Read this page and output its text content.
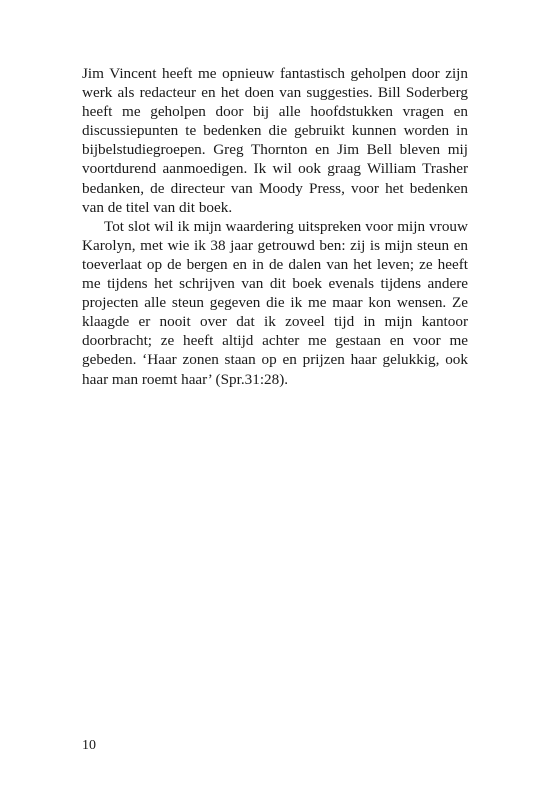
Jim Vincent heeft me opnieuw fantastisch geholpen door zijn werk als redacteur en het doen van suggesties. Bill Soderberg heeft me geholpen door bij alle hoofdstukken vragen en discussiepunten te bedenken die gebruikt kunnen worden in bijbelstudiegroepen. Greg Thornton en Jim Bell bleven mij voortdurend aanmoedigen. Ik wil ook graag William Trasher bedanken, de directeur van Moody Press, voor het bedenken van de titel van dit boek.

Tot slot wil ik mijn waardering uitspreken voor mijn vrouw Karolyn, met wie ik 38 jaar getrouwd ben: zij is mijn steun en toeverlaat op de bergen en in de dalen van het leven; ze heeft me tijdens het schrijven van dit boek evenals tijdens andere projecten alle steun gegeven die ik me maar kon wensen. Ze klaagde er nooit over dat ik zoveel tijd in mijn kantoor doorbracht; ze heeft altijd achter me gestaan en voor me gebeden. ‘Haar zonen staan op en prijzen haar gelukkig, ook haar man roemt haar’ (Spr.31:28).

10
